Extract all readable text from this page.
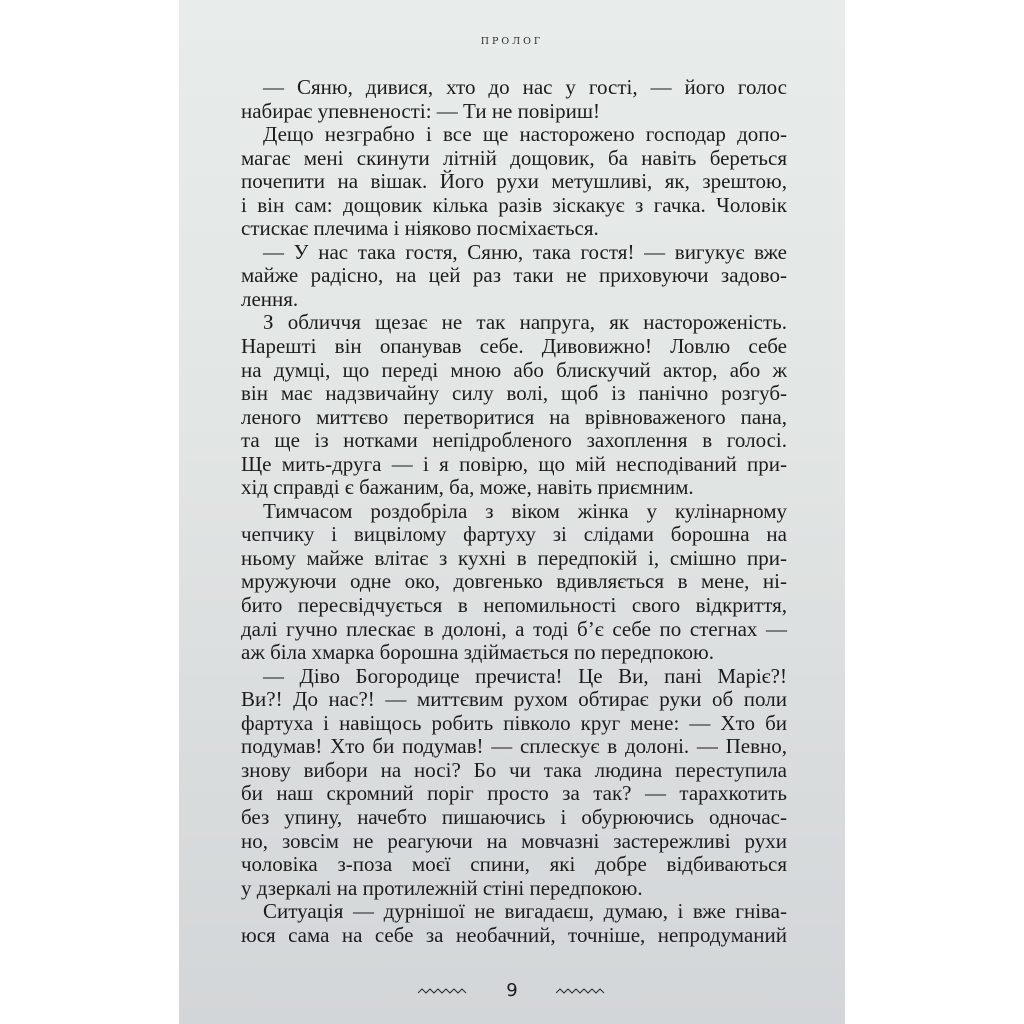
ПРОЛОГ
— Сяню, дивися, хто до нас у гості, — його голос
набирає упевненості: — Ти не повіриш!
Дещо незграбно і все ще насторожено господар допо-
магає мені скинути літній дощовик, ба навіть береться
почепити на вішак. Його рухи метушливі, як, зрештою,
і він сам: дощовик кілька разів зіскакує з гачка. Чоловік
стискає плечима і ніяково посміхається.
— У нас така гостя, Сяню, така гостя! — вигукує вже
майже радісно, на цей раз таки не приховуючи задово-
лення.
З обличчя щезає не так напруга, як настороженість.
Нарешті він опанував себе. Дивовижно! Ловлю себе
на думці, що переді мною або блискучий актор, або ж
він має надзвичайну силу волі, щоб із панічно розгуб-
леного миттєво перетворитися на врівноваженого пана,
та ще із нотками непідробленого захоплення в голосі.
Ще мить-друга — і я повірю, що мій несподіваний при-
хід справді є бажаним, ба, може, навіть приємним.
Тимчасом роздобріла з віком жінка у кулінарному
чепчику і вицвілому фартуху зі слідами борошна на
ньому майже влітає з кухні в передпокій і, смішно при-
мружуючи одне око, довгенько вдивляється в мене, ні-
бито пересвідчується в непомильності свого відкриття,
далі гучно плескає в долоні, а тоді б’є себе по стегнах —
аж біла хмарка борошна здіймається по передпокою.
— Діво Богородице пречиста! Це Ви, пані Маріє?!
Ви?! До нас?! — миттєвим рухом обтирає руки об поли
фартуха і навіщось робить півколо круг мене: — Хто би
подумав! Хто би подумав! — сплескує в долоні. — Певно,
знову вибори на носі? Бо чи така людина переступила
би наш скромний поріг просто за так? — тарахкотить
без упину, начебто пишаючись і обурюючись одночас-
но, зовсім не реагуючи на мовчазні застережливі рухи
чоловіка з-поза моєї спини, які добре відбиваються
у дзеркалі на протилежній стіні передпокою.
Ситуація — дурнішої не вигадаєш, думаю, і вже гніва-
юся сама на себе за необачний, точніше, непродуманий
9
